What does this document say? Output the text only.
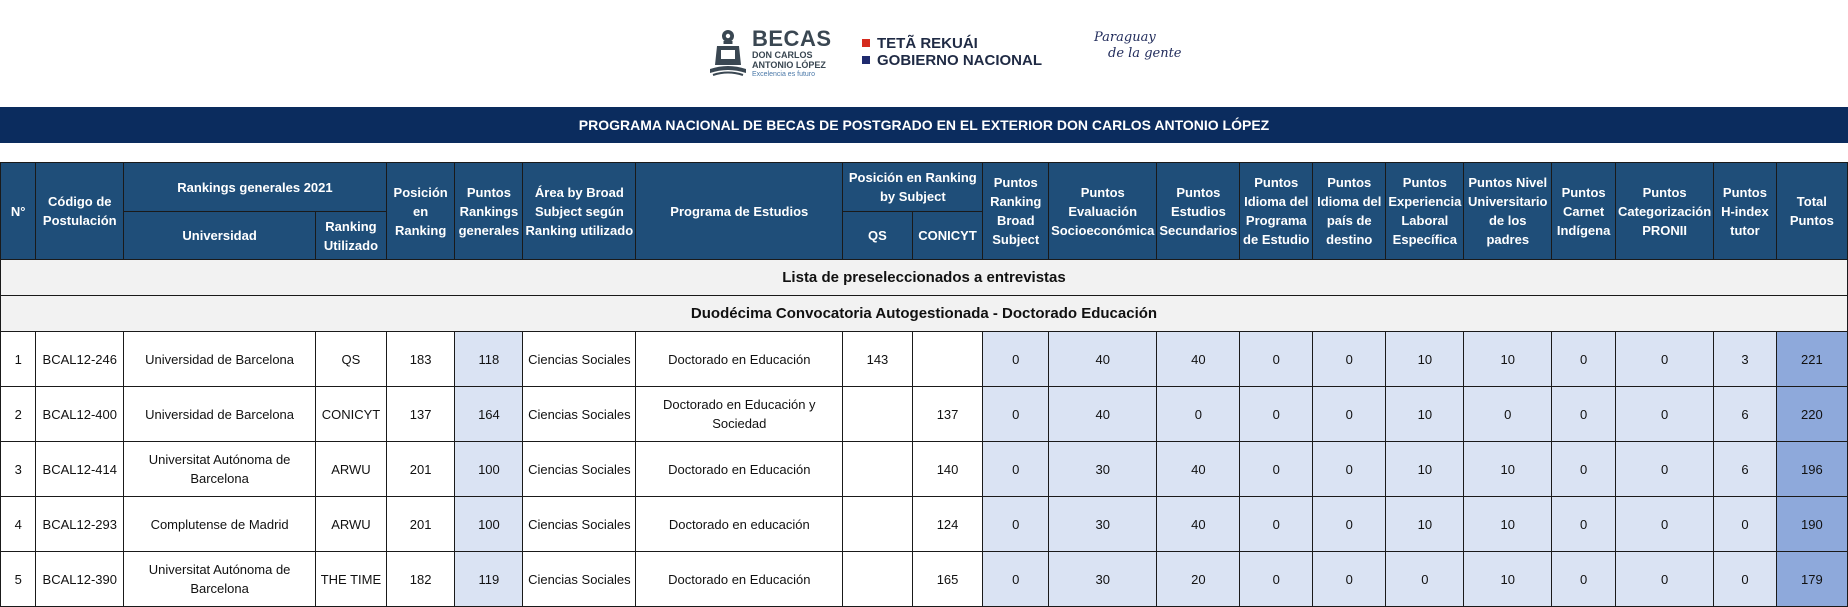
BECAS
DON CARLOS
ANTONIO LÓPEZ
Excelencia es futuro
TETÃ REKUÁI
GOBIERNO NACIONAL
Paraguay
de la gente
PROGRAMA NACIONAL DE BECAS DE POSTGRADO EN EL EXTERIOR DON CARLOS ANTONIO LÓPEZ
Lista de preseleccionados a entrevistas																				
Duodécima Convocatoria Autogestionada - Doctorado Educación																				
N°	Código de Postulación	Rankings generales 2021		Posición en Ranking	Puntos Rankings generales	Área by Broad Subject según Ranking utilizado	Programa de Estudios	Posición en Ranking by Subject		Puntos Ranking Broad Subject	Puntos Evaluación Socioeconómica	Puntos Estudios Secundarios	Puntos Idioma del Programa de Estudio	Puntos Idioma del país de destino	Puntos Experiencia Laboral Específica	Puntos Nivel Universitario de los padres	Puntos Carnet Indígena	Puntos Categorización PRONII	Puntos H-index tutor	Total Puntos
		Universidad	Ranking Utilizado					QS	CONICYT											
1	BCAL12-246	Universidad de Barcelona	QS	183	118	Ciencias Sociales	Doctorado en Educación	143		0	40	40	0	0	10	10	0	0	3	221
2	BCAL12-400	Universidad de Barcelona	CONICYT	137	164	Ciencias Sociales	Doctorado en Educación y Sociedad		137	0	40	0	0	0	10	0	0	0	6	220
3	BCAL12-414	Universitat Autónoma de Barcelona	ARWU	201	100	Ciencias Sociales	Doctorado en Educación		140	0	30	40	0	0	10	10	0	0	6	196
4	BCAL12-293	Complutense de Madrid	ARWU	201	100	Ciencias Sociales	Doctorado en educación		124	0	30	40	0	0	10	10	0	0	0	190
5	BCAL12-390	Universitat Autónoma de Barcelona	THE TIME	182	119	Ciencias Sociales	Doctorado en Educación		165	0	30	20	0	0	0	10	0	0	0	179
